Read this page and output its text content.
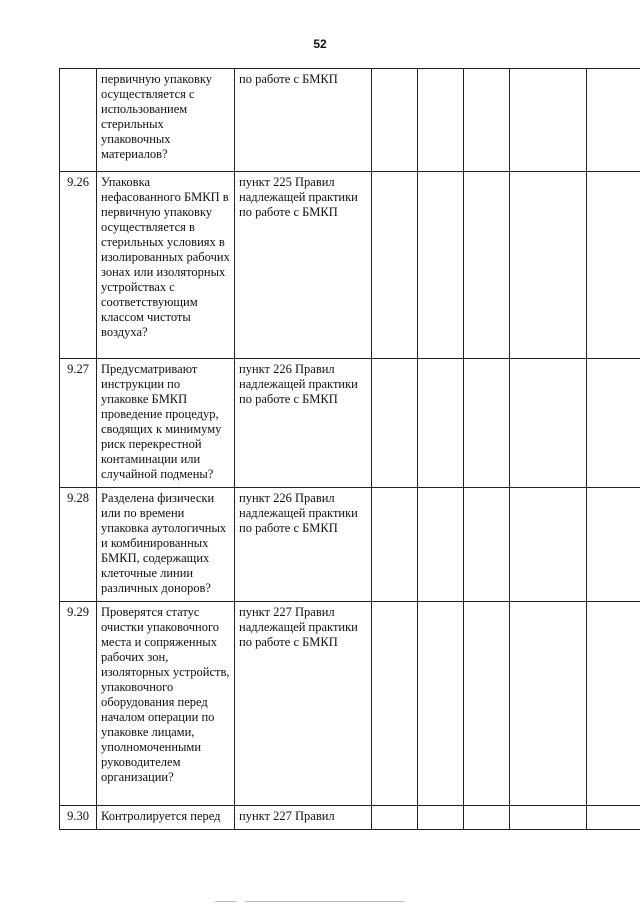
52
	первичную упаковку осуществляется с использованием стерильных упаковочных материалов?	по работе с БМКП					
9.26	Упаковка нефасованного БМКП в первичную упаковку осуществляется в стерильных условиях в изолированных рабочих зонах или изоляторных устройствах с соответствующим классом чистоты воздуха?	пункт 225 Правил надлежащей практики по работе с БМКП					
9.27	Предусматривают инструкции по упаковке БМКП проведение процедур, сводящих к минимуму риск перекрестной контаминации или случайной подмены?	пункт 226 Правил надлежащей практики по работе с БМКП					
9.28	Разделена физически или по времени упаковка аутологичных и комбинированных БМКП, содержащих клеточные линии различных доноров?	пункт 226 Правил надлежащей практики по работе с БМКП					
9.29	Проверятся статус очистки упаковочного места и сопряженных рабочих зон, изоляторных устройств, упаковочного оборудования перед началом операции по упаковке лицами, уполномоченными руководителем организации?	пункт 227 Правил надлежащей практики по работе с БМКП					
9.30	Контролируется перед	пункт 227 Правил					
